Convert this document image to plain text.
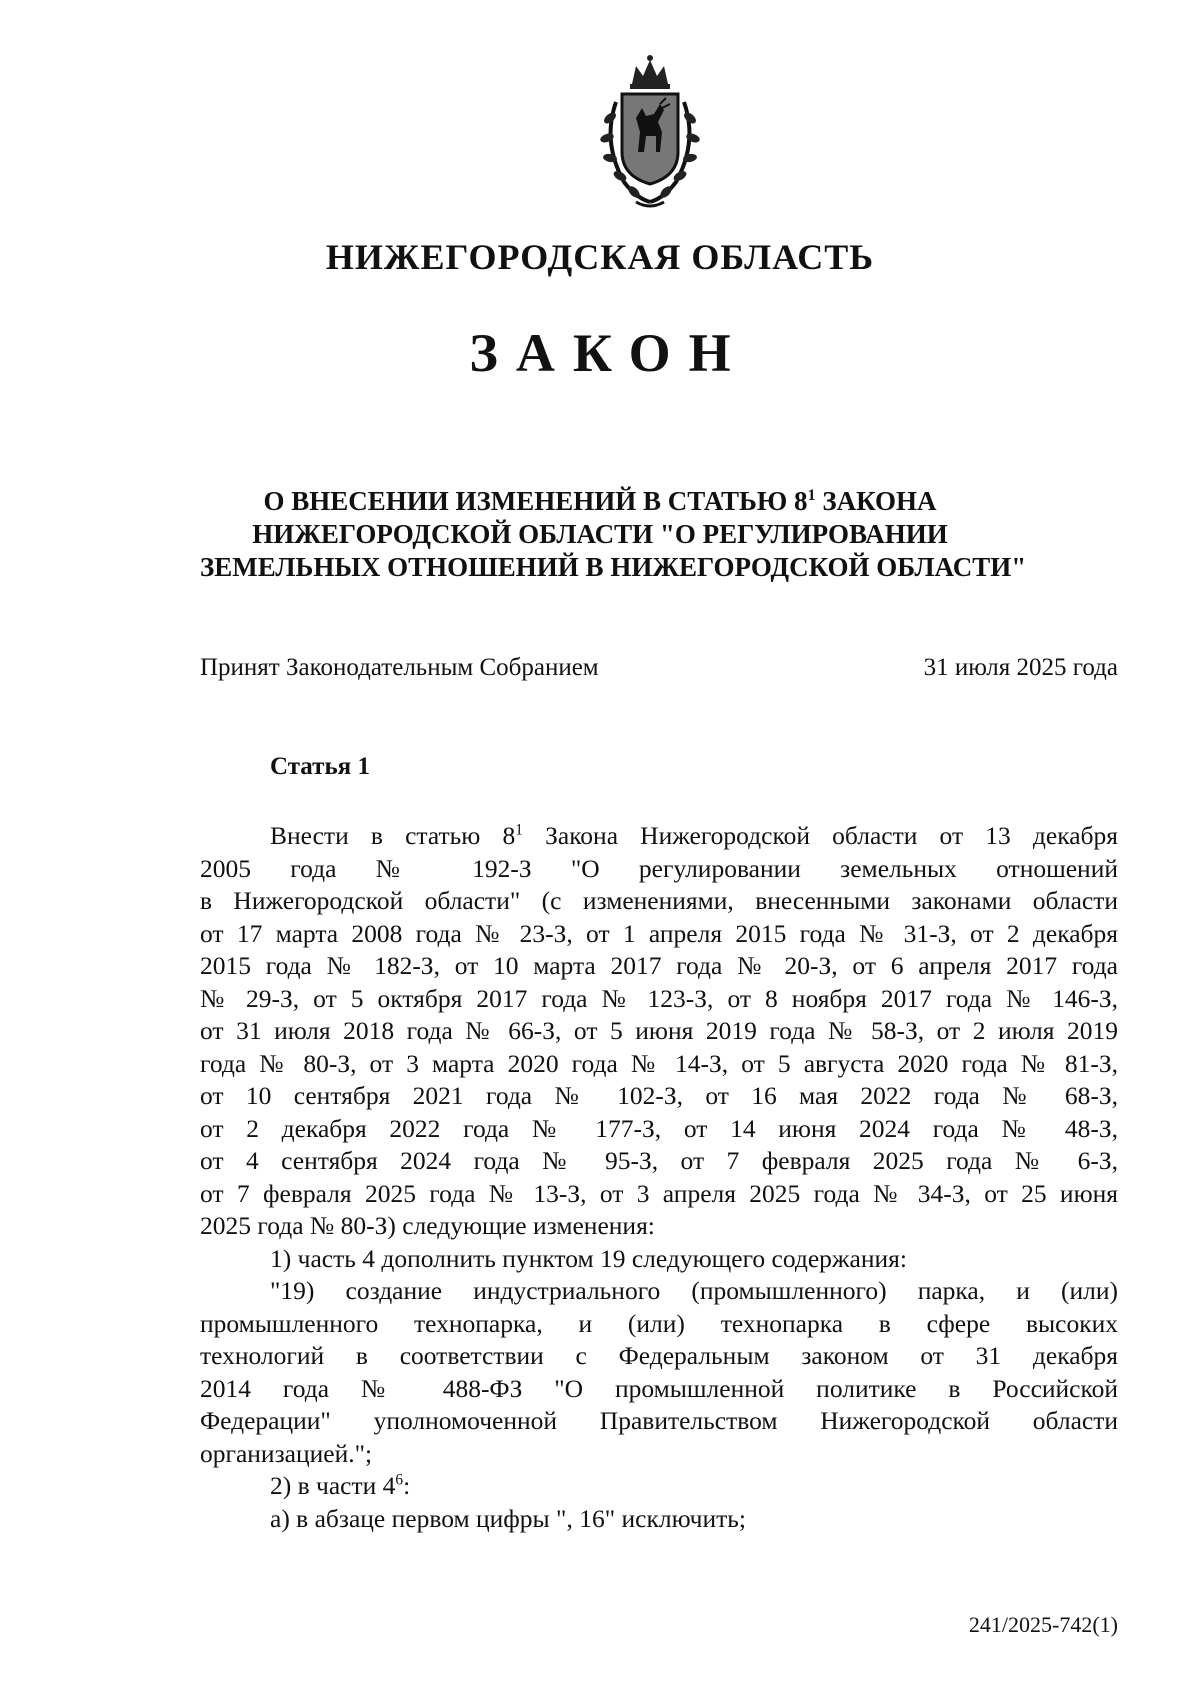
НИЖЕГОРОДСКАЯ ОБЛАСТЬ
ЗАКОН
О ВНЕСЕНИИ ИЗМЕНЕНИЙ В СТАТЬЮ $8^1$ ЗАКОНА
НИЖЕГОРОДСКОЙ ОБЛАСТИ "О РЕГУЛИРОВАНИИ
ЗЕМЕЛЬНЫХ ОТНОШЕНИЙ В НИЖЕГОРОДСКОЙ ОБЛАСТИ"
Принят Законодательным Собранием	31 июля 2025 года
Статья 1
Внести в статью $8^1$ Закона Нижегородской области от 13 декабря
2005 года № 192-З "О регулировании земельных отношений
в Нижегородской области" (с изменениями, внесенными законами области
от 17 марта 2008 года № 23-З, от 1 апреля 2015 года № 31-З, от 2 декабря
2015 года № 182-З, от 10 марта 2017 года № 20-З, от 6 апреля 2017 года
№ 29-З, от 5 октября 2017 года № 123-З, от 8 ноября 2017 года № 146-З,
от 31 июля 2018 года № 66-З, от 5 июня 2019 года № 58-З, от 2 июля 2019
года № 80-З, от 3 марта 2020 года № 14-З, от 5 августа 2020 года № 81-З,
от 10 сентября 2021 года № 102-З, от 16 мая 2022 года № 68-З,
от 2 декабря 2022 года № 177-З, от 14 июня 2024 года № 48-З,
от 4 сентября 2024 года № 95-З, от 7 февраля 2025 года № 6-З,
от 7 февраля 2025 года № 13-З, от 3 апреля 2025 года № 34-З, от 25 июня
2025 года № 80-З) следующие изменения:
1) часть 4 дополнить пунктом 19 следующего содержания:
"19) создание индустриального (промышленного) парка, и (или)
промышленного технопарка, и (или) технопарка в сфере высоких
технологий в соответствии с Федеральным законом от 31 декабря
2014 года № 488-ФЗ "О промышленной политике в Российской
Федерации" уполномоченной Правительством Нижегородской области
организацией.";
2) в части $4^6$:
а) в абзаце первом цифры ", 16" исключить;
241/2025-742(1)
